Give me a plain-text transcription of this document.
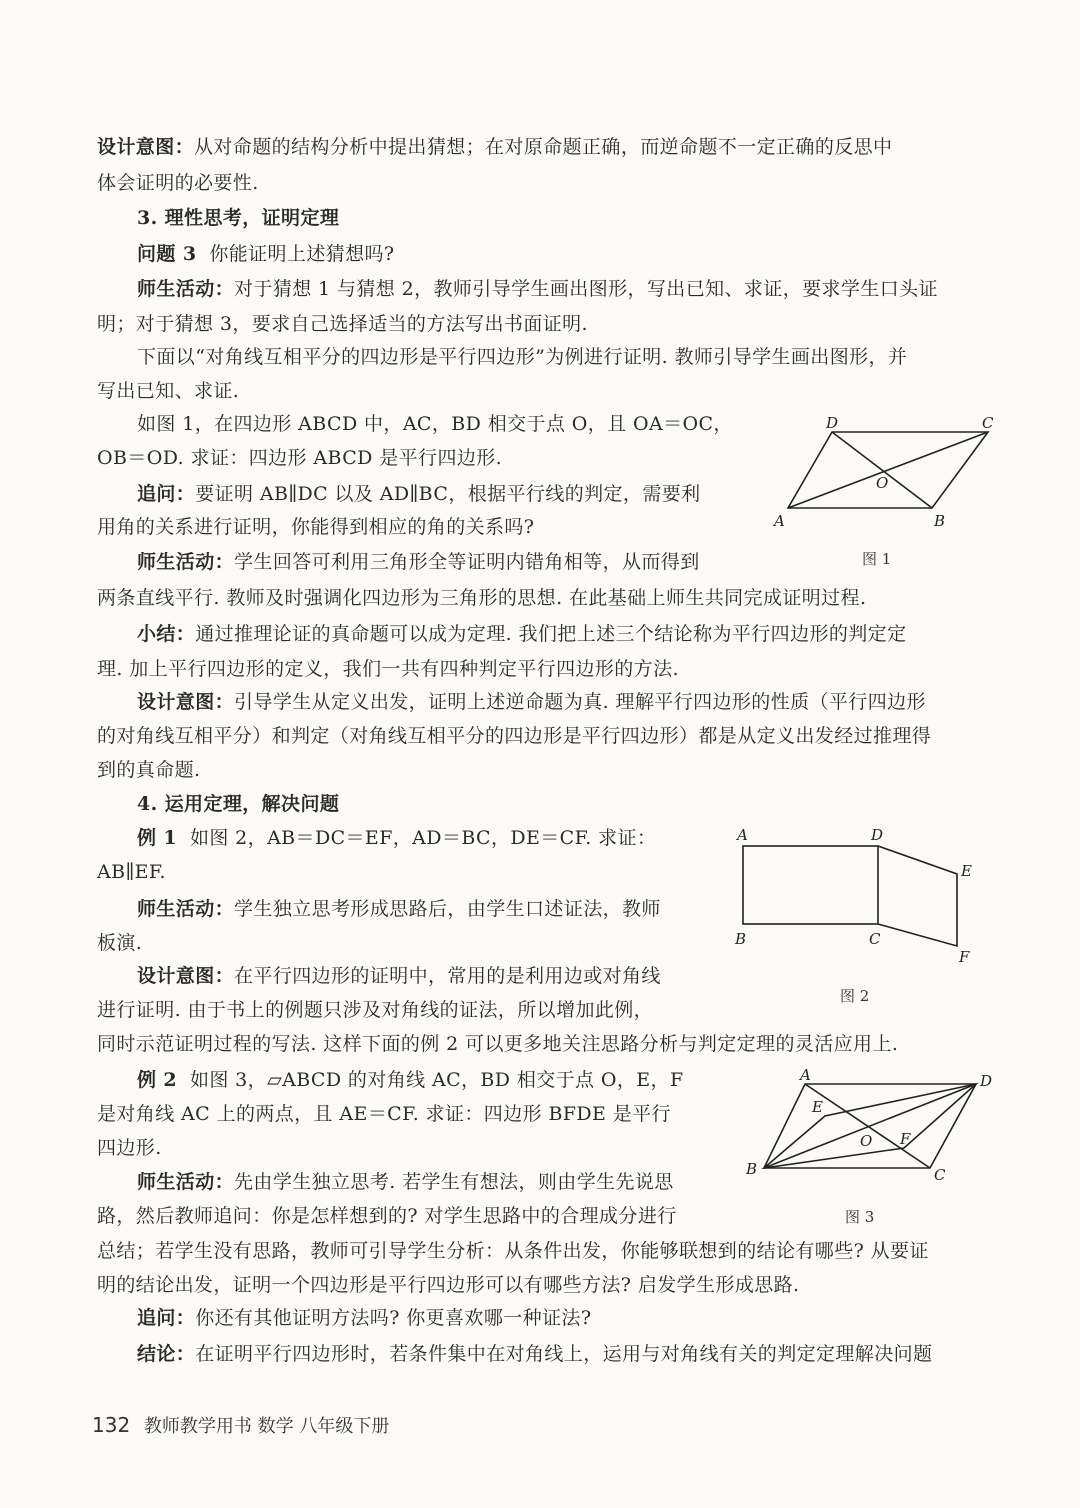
设计意图：从对命题的结构分析中提出猜想；在对原命题正确，而逆命题不一定正确的反思中
体会证明的必要性.
3. 理性思考，证明定理
问题 3 你能证明上述猜想吗?
师生活动：对于猜想 1 与猜想 2，教师引导学生画出图形，写出已知、求证，要求学生口头证
明；对于猜想 3，要求自己选择适当的方法写出书面证明.
下面以“对角线互相平分的四边形是平行四边形”为例进行证明. 教师引导学生画出图形，并
写出已知、求证.
如图 1，在四边形 ABCD 中，AC，BD 相交于点 O，且 OA＝OC，
OB＝OD. 求证：四边形 ABCD 是平行四边形.
追问：要证明 AB∥DC 以及 AD∥BC，根据平行线的判定，需要利
用角的关系进行证明，你能得到相应的角的关系吗?
师生活动：学生回答可利用三角形全等证明内错角相等，从而得到
两条直线平行. 教师及时强调化四边形为三角形的思想. 在此基础上师生共同完成证明过程.
小结：通过推理论证的真命题可以成为定理. 我们把上述三个结论称为平行四边形的判定定
理. 加上平行四边形的定义，我们一共有四种判定平行四边形的方法.
设计意图：引导学生从定义出发，证明上述逆命题为真. 理解平行四边形的性质（平行四边形
的对角线互相平分）和判定（对角线互相平分的四边形是平行四边形）都是从定义出发经过推理得
到的真命题.
4. 运用定理，解决问题
例 1 如图 2，AB＝DC＝EF，AD＝BC，DE＝CF. 求证：
AB∥EF.
师生活动：学生独立思考形成思路后，由学生口述证法，教师
板演.
设计意图：在平行四边形的证明中，常用的是利用边或对角线
进行证明. 由于书上的例题只涉及对角线的证法，所以增加此例，
同时示范证明过程的写法. 这样下面的例 2 可以更多地关注思路分析与判定定理的灵活应用上.
例 2 如图 3，▱ABCD 的对角线 AC，BD 相交于点 O，E，F
是对角线 AC 上的两点，且 AE＝CF. 求证：四边形 BFDE 是平行
四边形.
师生活动：先由学生独立思考. 若学生有想法，则由学生先说思
路，然后教师追问：你是怎样想到的? 对学生思路中的合理成分进行
总结；若学生没有思路，教师可引导学生分析：从条件出发，你能够联想到的结论有哪些? 从要证
明的结论出发，证明一个四边形是平行四边形可以有哪些方法? 启发学生形成思路.
追问：你还有其他证明方法吗? 你更喜欢哪一种证法?
结论：在证明平行四边形时，若条件集中在对角线上，运用与对角线有关的判定定理解决问题
A	B
C
D
O
图 1
A	D
E
B	C
F
图 2
A	D
E
O F
B	C
图 3
132 教师教学用书 数学 八年级下册
